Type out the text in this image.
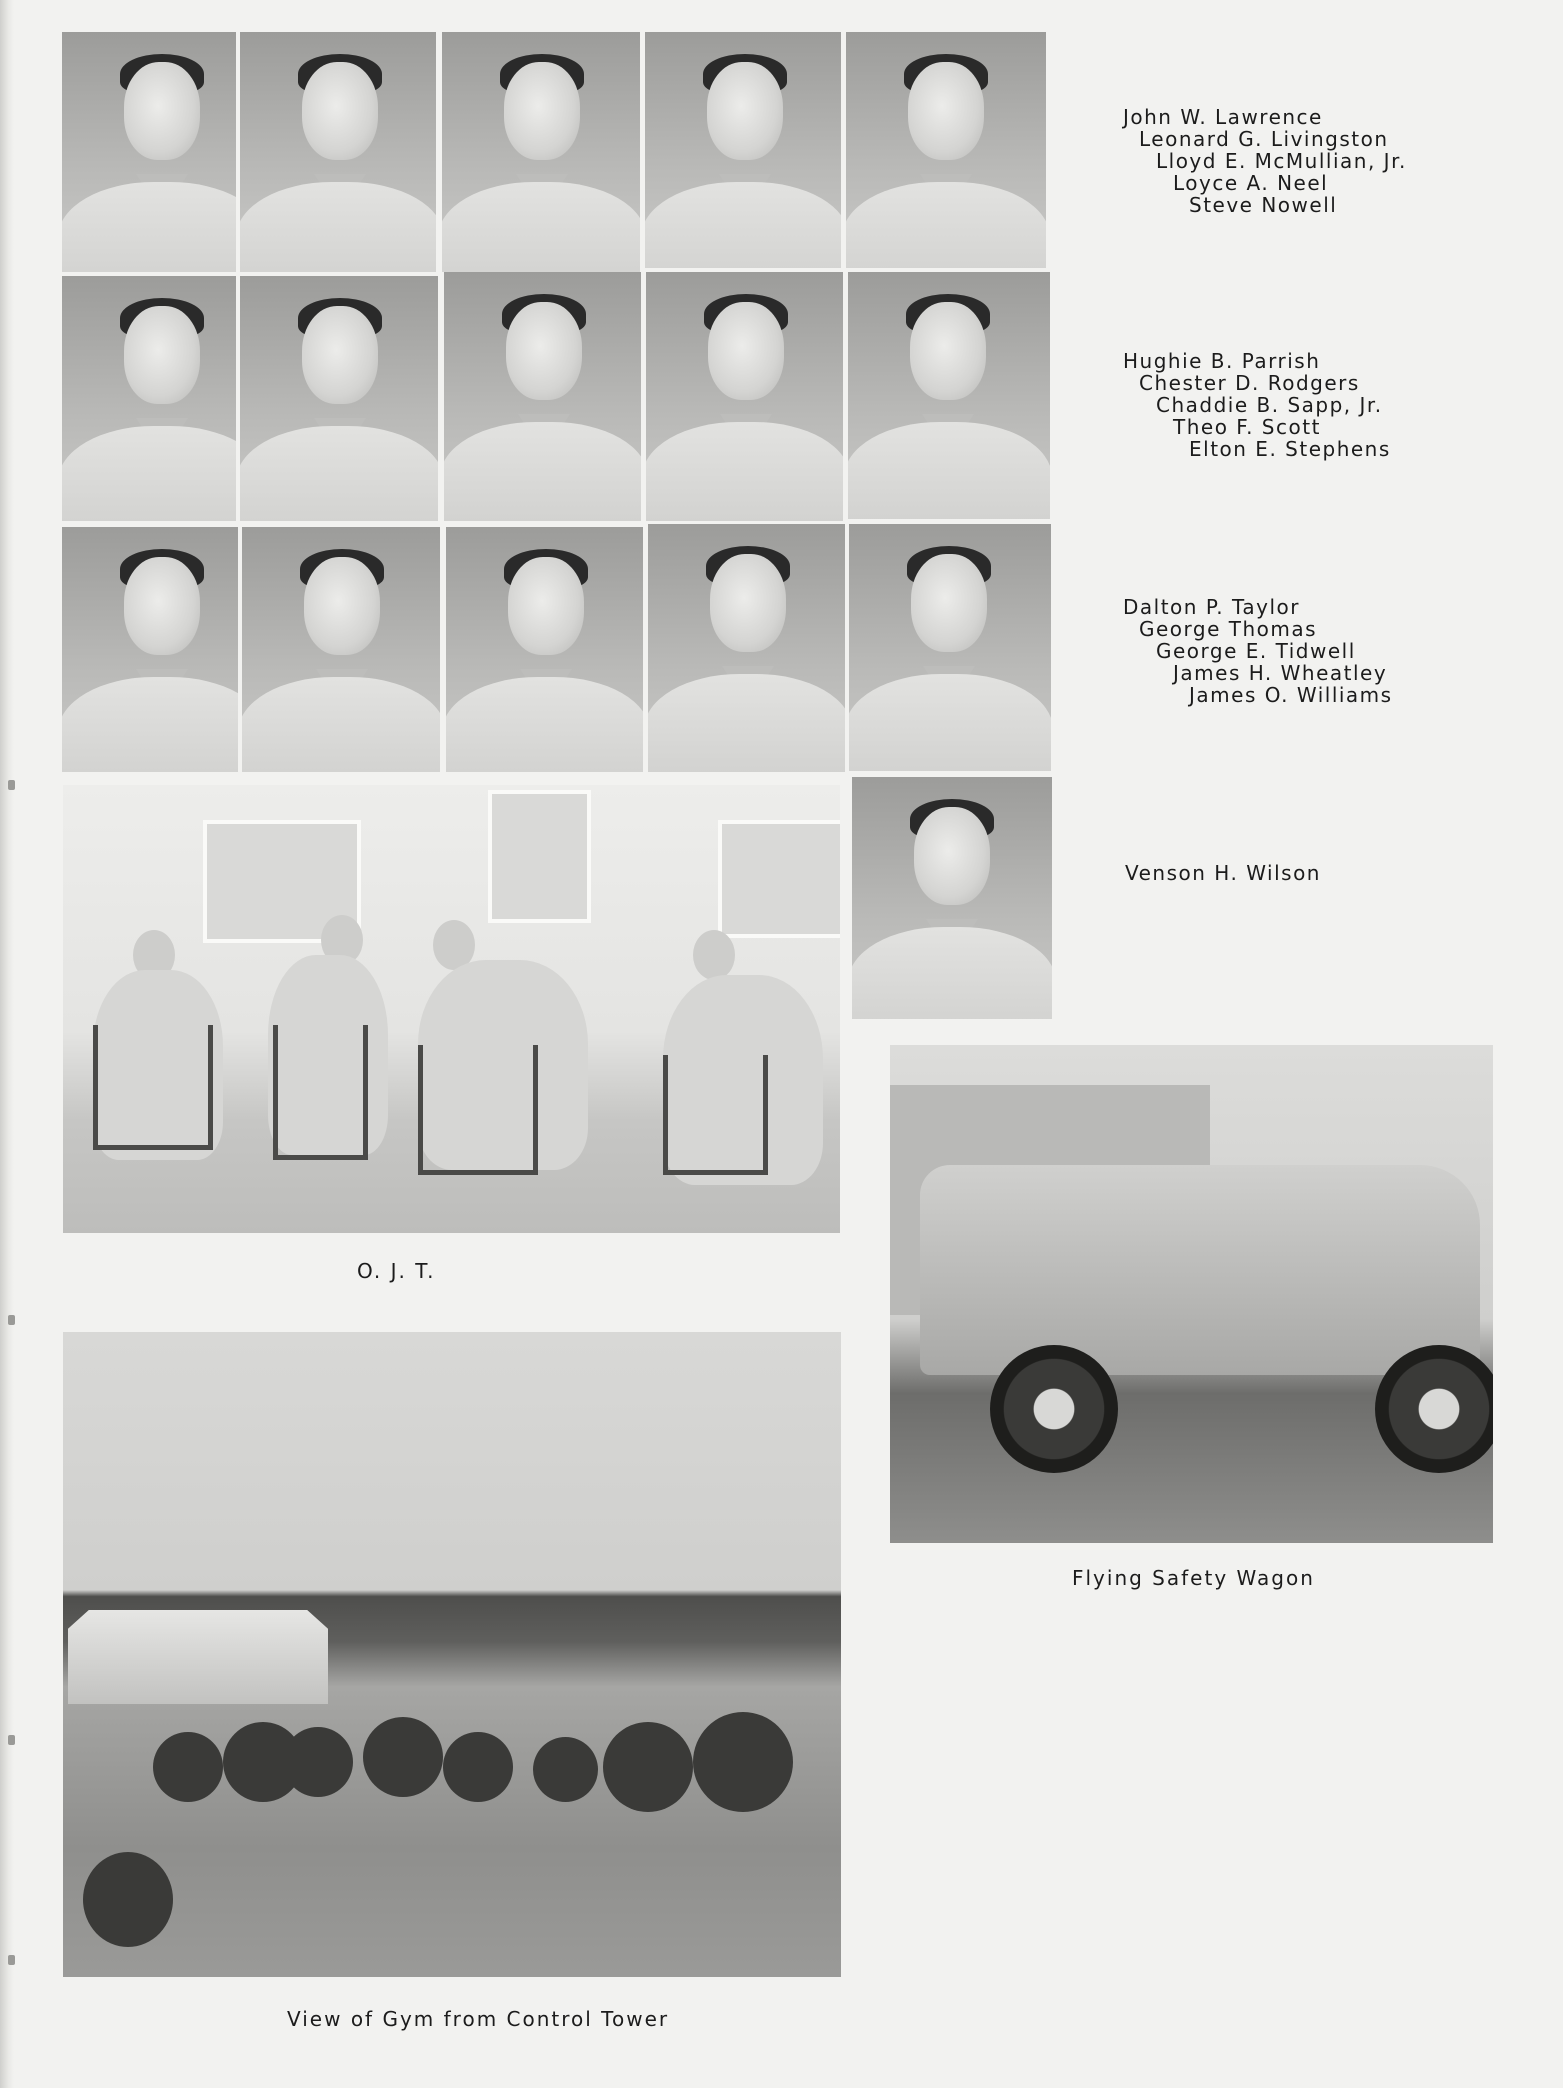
John W. Lawrence
Leonard G. Livingston
Lloyd E. McMullian, Jr.
Loyce A. Neel
Steve Nowell
Hughie B. Parrish
Chester D. Rodgers
Chaddie B. Sapp, Jr.
Theo F. Scott
Elton E. Stephens
Dalton P. Taylor
George Thomas
George E. Tidwell
James H. Wheatley
James O. Williams
Venson H. Wilson
O. J. T.
Flying Safety Wagon
View of Gym from Control Tower
